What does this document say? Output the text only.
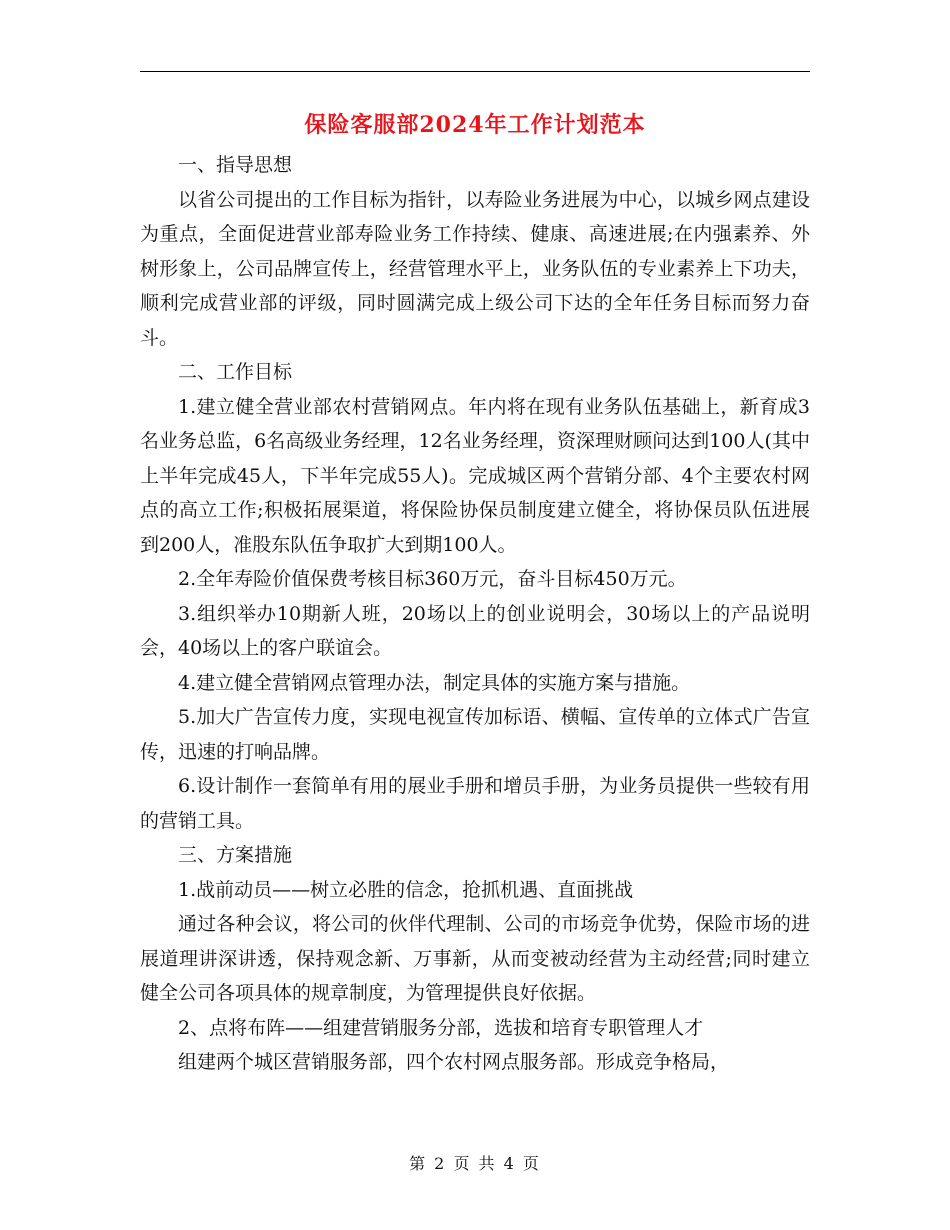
保险客服部2024年工作计划范本

一、指导思想

以省公司提出的工作目标为指针，以寿险业务进展为中心，以城乡网点建设为重点，全面促进营业部寿险业务工作持续、健康、高速进展;在内强素养、外树形象上，公司品牌宣传上，经营管理水平上，业务队伍的专业素养上下功夫，顺利完成营业部的评级，同时圆满完成上级公司下达的全年任务目标而努力奋斗。

二、工作目标

1.建立健全营业部农村营销网点。年内将在现有业务队伍基础上，新育成3名业务总监，6名高级业务经理，12名业务经理，资深理财顾问达到100人(其中上半年完成45人，下半年完成55人)。完成城区两个营销分部、4个主要农村网点的高立工作;积极拓展渠道，将保险协保员制度建立健全，将协保员队伍进展到200人，准股东队伍争取扩大到期100人。

2.全年寿险价值保费考核目标360万元，奋斗目标450万元。

3.组织举办10期新人班，20场以上的创业说明会，30场以上的产品说明会，40场以上的客户联谊会。

4.建立健全营销网点管理办法，制定具体的实施方案与措施。

5.加大广告宣传力度，实现电视宣传加标语、横幅、宣传单的立体式广告宣传，迅速的打响品牌。

6.设计制作一套简单有用的展业手册和增员手册，为业务员提供一些较有用的营销工具。

三、方案措施

1.战前动员——树立必胜的信念，抢抓机遇、直面挑战

通过各种会议，将公司的伙伴代理制、公司的市场竞争优势，保险市场的进展道理讲深讲透，保持观念新、万事新，从而变被动经营为主动经营;同时建立健全公司各项具体的规章制度，为管理提供良好依据。

2、点将布阵——组建营销服务分部，选拔和培育专职管理人才

组建两个城区营销服务部，四个农村网点服务部。形成竞争格局，

第 2 页 共 4 页
